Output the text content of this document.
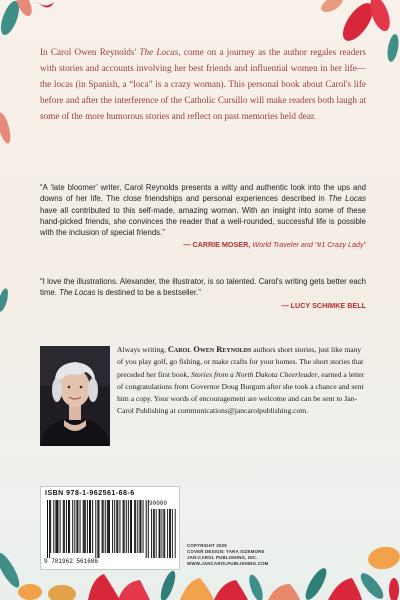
In Carol Owen Reynolds' The Locas, come on a journey as the author regales readers with stories and accounts involving her best friends and influential women in her life—the locas (in Spanish, a “loca” is a crazy woman). This personal book about Carol's life before and after the interference of the Catholic Cursillo will make readers both laugh at some of the more humorous stories and reflect on past memories held dear.
“A ‘late bloomer’ writer, Carol Reynolds presents a witty and authentic look into the ups and downs of her life. The close friendships and personal experiences described in The Locas have all contributed to this self-made, amazing woman. With an insight into some of these hand-picked friends, she convinces the reader that a well-rounded, successful life is possible with the inclusion of special friends.”
— CARRIE MOSER, World Traveler and “#1 Crazy Lady”
“I love the illustrations. Alexander, the illustrator, is so talented. Carol's writing gets better each time. The Locas is destined to be a bestseller.”
— LUCY SCHIMKE BELL
Always writing, Carol Owen Reynolds authors short stories, just like many of you play golf, go fishing, or make crafts for your homes. The short stories that preceded her first book, Stories from a North Dakota Cheerleader, earned a letter of congratulations from Governor Doug Burgum after she took a chance and sent him a copy. Your words of encouragement are welcome and can be sent to Jan-Carol Publishing at communications@jancarolpublishing.com.
ISBN 978-1-962561-68-6
9 781962 561686
90000
COPYRIGHT 2025
COVER DESIGN: TARA SIZEMORE
JAN-CAROL PUBLISHING, INC.
WWW.JANCAROLPUBLISHING.COM
